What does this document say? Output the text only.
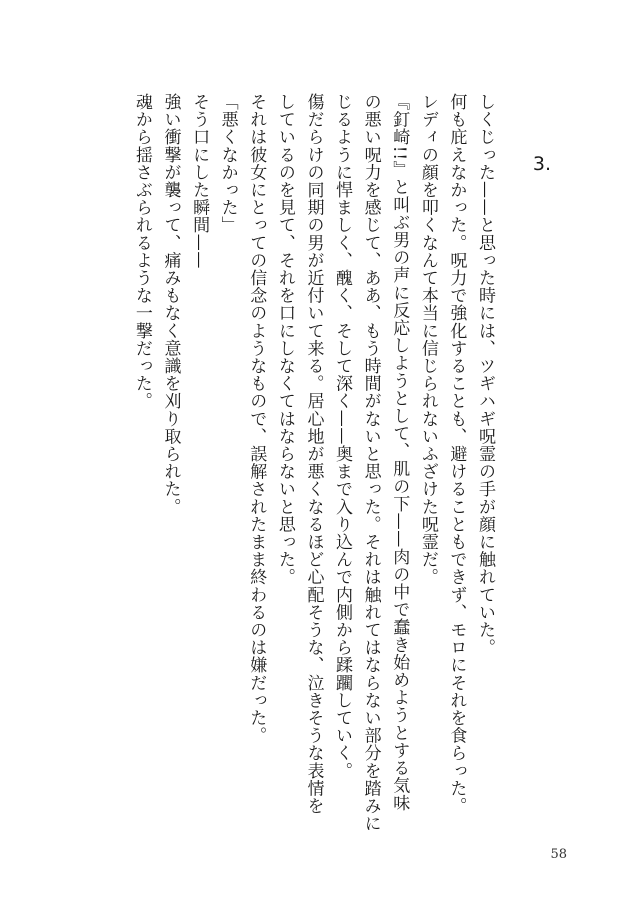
3.
しくじった——と思った時には、ツギハギ呪霊の手が顔に触れていた。
何も庇えなかった。呪力で強化することも、避けることもできず、モロにそれを食らった。
レディの顔を叩くなんて本当に信じられないふざけた呪霊だ。
『釘崎!!』と叫ぶ男の声に反応しようとして、肌の下——肉の中で蠢き始めようとする気味
の悪い呪力を感じて、ああ、もう時間がないと思った。それは触れてはならない部分を踏みに
じるように悍ましく、醜く、そして深く——奥まで入り込んで内側から蹂躙していく。
傷だらけの同期の男が近付いて来る。居心地が悪くなるほど心配そうな、泣きそうな表情を
しているのを見て、それを口にしなくてはならないと思った。
それは彼女にとっての信念のようなもので、誤解されたまま終わるのは嫌だった。
「悪くなかった」
そう口にした瞬間——
強い衝撃が襲って、痛みもなく意識を刈り取られた。
魂から揺さぶられるような一撃だった。
58
